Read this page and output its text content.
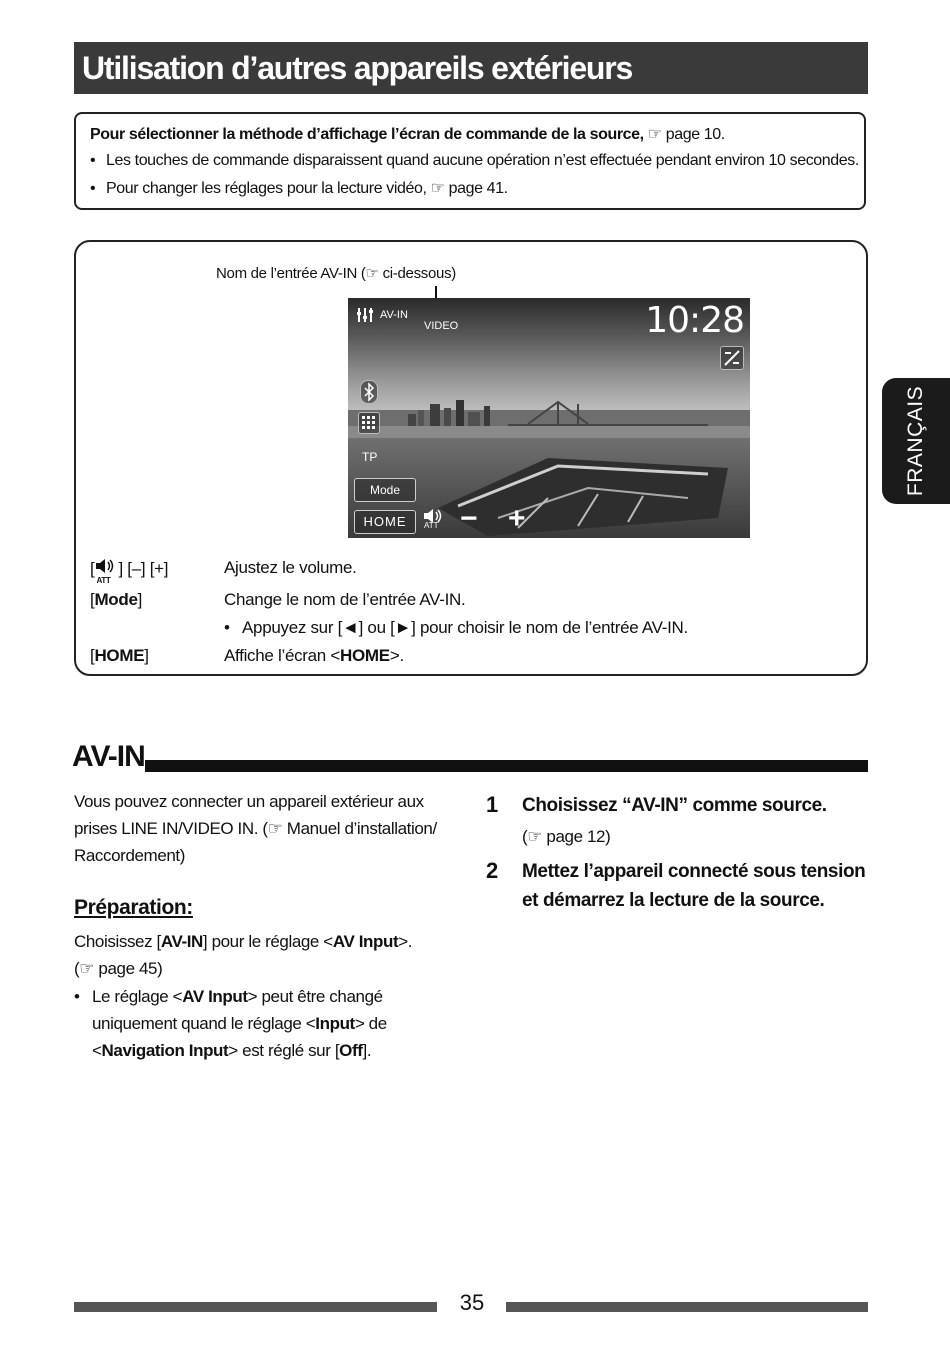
Utilisation d’autres appareils extérieurs
FRANÇAIS
Pour sélectionner la méthode d’affichage l’écran de commande de la source, ☞ page 10.
• Les touches de commande disparaissent quand aucune opération n’est effectuée pendant environ 10 secondes.
• Pour changer les réglages pour la lecture vidéo, ☞ page 41.
Nom de l’entrée AV-IN (☞ ci-dessous)
AV-IN
VIDEO	10:28
TP
Mode
HOME	ATT − +
[
ATT
] [–] [+]	Ajustez le volume.
[Mode]	Change le nom de l’entrée AV-IN.
• Appuyez sur [◄] ou [►] pour choisir le nom de l’entrée AV-IN.
[HOME]	Affiche l’écran <HOME>.
AV-IN
Vous pouvez connecter un appareil extérieur aux
prises LINE IN/VIDEO IN. (☞ Manuel d’installation/
Raccordement)
Préparation:
Choisissez [AV-IN] pour le réglage <AV Input>.
(☞ page 45)
• Le réglage <AV Input> peut être changé
uniquement quand le réglage <Input> de
<Navigation Input> est réglé sur [Off].
1 Choisissez “AV-IN” comme source.
(☞ page 12)
2 Mettez l’appareil connecté sous tension
et démarrez la lecture de la source.
35
